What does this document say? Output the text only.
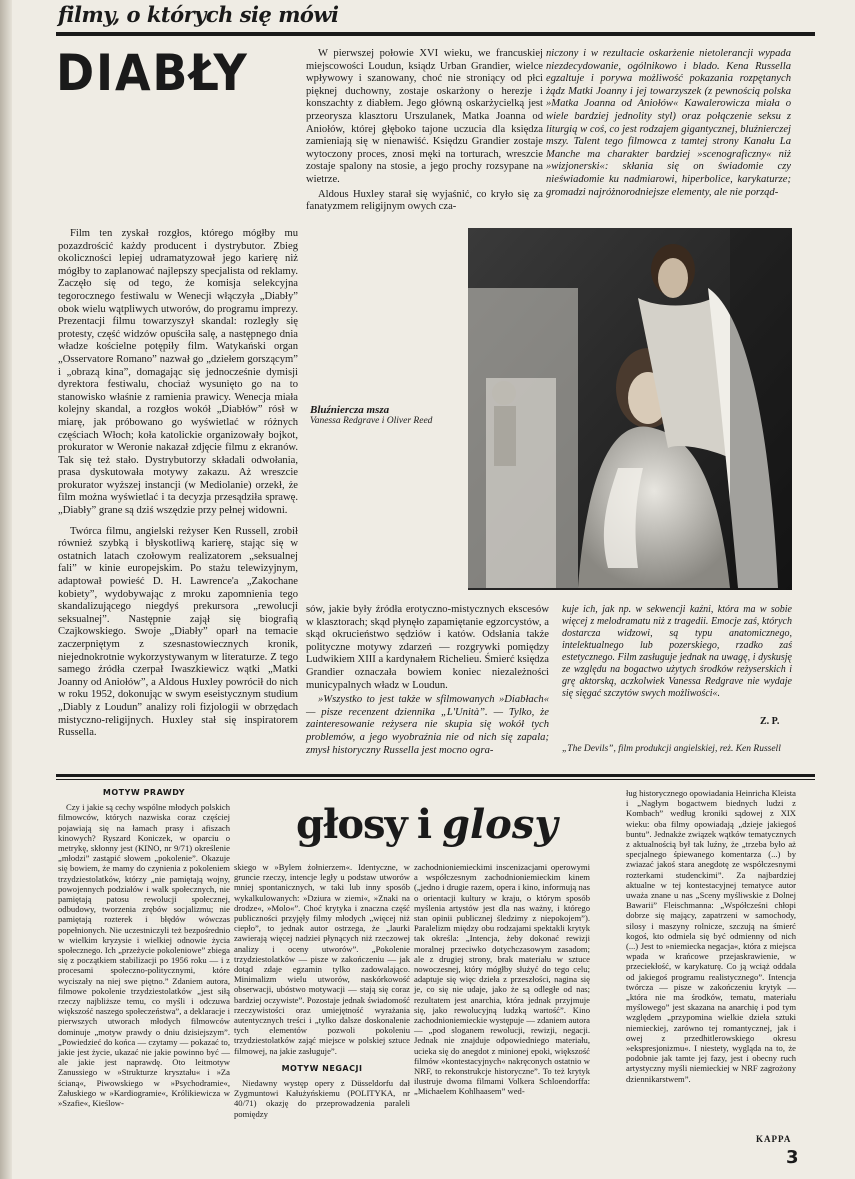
filmy, o których się mówi
DIABŁY	W pierwszej połowie XVI wieku, we francuskiej miejscowości Loudun, ksiądz Urban Grandier, wielce wpływowy i szanowany, choć nie stroniący od płci pięknej duchowny, zostaje oskarżony o herezje i konszachty z diabłem. Jego główną oskarżycielką jest przeorysza klasztoru Urszulanek, Matka Joanna od Aniołów, której głęboko tajone uczucia dla księdza zamieniają się w nienawiść. Księdzu Grandier zostaje wytoczony proces, znosi męki na torturach, wreszcie zostaje spalony na stosie, a jego prochy rozsypane na wietrze.

Aldous Huxley starał się wyjaśnić, co kryło się za fanatyzmem religijnym owych cza-

niczony i w rezultacie oskarżenie nietolerancji wypada niezdecydowanie, ogólnikowo i blado. Kena Russella egzaltuje i porywa możliwość pokazania rozpętanych żądz Matki Joanny i jej towarzyszek (z pewnością polska »Matka Joanna od Aniołów« Kawalerowicza miała o wiele bardziej jednolity styl) oraz połączenie seksu z liturgią w coś, co jest rodzajem gigantycznej, bluźnierczej mszy. Talent tego filmowca z tamtej strony Kanału La Manche ma charakter bardziej »scenograficzny« niż »wizjonerski«: skłania się on świadomie czy nieświadomie ku nadmiarowi, hiperbolice, karykaturze; gromadzi najróżnorodniejsze elementy, ale nie porząd-

Film ten zyskał rozgłos, którego mógłby mu pozazdrościć każdy producent i dystrybutor. Zbieg okoliczności lepiej udramatyzował jego karierę niż mógłby to zaplanować najlepszy specjalista od reklamy. Zaczęło się od tego, że komisja selekcyjna tegorocznego festiwalu w Wenecji włączyła „Diabły” obok wielu wątpliwych utworów, do programu imprezy. Prezentacji filmu towarzyszył skandal: rozległy się protesty, część widzów opuściła salę, a następnego dnia władze kościelne potępiły film. Watykański organ „Osservatore Romano” nazwał go „dziełem gorszącym” i „obrazą kina”, domagając się jednocześnie dymisji dyrektora festiwalu, chociaż wysunięto go na to stanowisko właśnie z ramienia prawicy. Wenecja miała kolejny skandal, a rozgłos wokół „Diabłów” rósł w miarę, jak próbowano go wyświetlać w różnych częściach Włoch; koła katolickie organizowały bojkot, prokurator w Weronie nakazał zdjęcie filmu z ekranów. Tak się też stało. Dystrybutorzy składali odwołania, prasa dyskutowała motywy zakazu. Aż wreszcie prokurator wyższej instancji (w Mediolanie) orzekł, że film można wyświetlać i ta decyzja przesądziła sprawę. „Diabły” grane są dziś wszędzie przy pełnej widowni.

Twórca filmu, angielski reżyser Ken Russell, zrobił również szybką i błyskotliwą karierę, stając się w ostatnich latach czołowym realizatorem „seksualnej fali” w kinie europejskim. Po stażu telewizyjnym, adaptował powieść D. H. Lawrence'a „Zakochane kobiety”, wydobywając z mroku zapomnienia tego skandalizującego niegdyś prekursora „rewolucji seksualnej”. Następnie zajął się biografią Czajkowskiego. Swoje „Diabły” oparł na temacie zaczerpniętym z szesnastowiecznych kronik, niejednokrotnie wykorzystywanym w literaturze. Z tego samego źródła czerpał Iwaszkiewicz wątki „Matki Joanny od Aniołów”, a Aldous Huxley powrócił do nich w roku 1952, dokonując w swym eseistycznym studium „Diably z Loudun” analizy roli fizjologii w obrzędach mistyczno-religijnych. Huxley stał się inspiratorem Russella.

Bluźniercza msza
Vanessa Redgrave i Oliver Reed

sów, jakie były źródła erotyczno-mistycznych ekscesów w klasztorach; skąd płynęło zapamiętanie egzorcystów, a skąd okrucieństwo sędziów i katów. Odsłania także polityczne motywy zdarzeń — rozgrywki pomiędzy Ludwikiem XIII a kardynałem Richelieu. Śmierć księdza Grandier oznaczała bowiem koniec niezależności municypalnych władz w Loudun.

»Wszystko to jest także w sfilmowanych »Diabłach« — pisze recenzent dziennika „L'Unità”. — Tylko, że zainteresowanie reżysera nie skupia się wokół tych problemów, a jego wyobraźnia nie od nich się zapala; zmysł historyczny Russella jest mocno ogra-

kuje ich, jak np. w sekwencji kaźni, która ma w sobie więcej z melodramatu niż z tragedii. Emocje zaś, których dostarcza widzowi, są typu anatomicznego, intelektualnego lub pozerskiego, rzadko zaś estetycznego. Film zasługuje jednak na uwagę, i dyskusję ze względu na bogactwo użytych środków reżyserskich i grę aktorską, aczkolwiek Vanessa Redgrave nie wydaje się sięgać szczytów swych możliwości«.

Z. P.
„The Devils”, film produkcji angielskiej, reż. Ken Russell
głosy i glosy
MOTYW PRAWDY

Czy i jakie są cechy wspólne młodych polskich filmowców, których nazwiska coraz częściej pojawiają się na łamach prasy i afiszach kinowych? Ryszard Koniczek, w oparciu o metrykę, skłonny jest (KINO, nr 9/71) określenie „młodzi” zastąpić słowem „pokolenie”. Okazuje się bowiem, że mamy do czynienia z pokoleniem trzydziestolatków, którzy „nie pamiętają wojny, powojennych podziałów i walk społecznych, nie pamiętają patosu rewolucji społecznej, odbudowy, tworzenia zrębów socjalizmu; nie pamiętają rozterek i błędów wówczas popełnionych. Nie uczestniczyli też bezpośrednio w wielkim kryzysie i wielkiej odnowie życia społecznego. Ich „przeżycie pokoleniowe” zbiega się z początkiem stabilizacji po 1956 roku — i z procesami społeczno-politycznymi, które wyciszały na niej swe piętno.” Zdaniem autora, filmowe pokolenie trzydziestolatków „jest siłą rzeczy najbliższe temu, co myśli i odczuwa większość naszego społeczeństwa”, a deklaracje i pierwszych utworach młodych filmowców dominuje „motyw prawdy o dniu dzisiejszym”. „Powiedzieć do końca — czytamy — pokazać to, jakie jest życie, ukazać nie jakie powinno być — ale jakie jest naprawdę. Oto leitmotyw Zanussiego w »Strukturze kryształu« i »Za ścianą«, Piwowskiego w »Psychodramie«, Załuskiego w »Kardiogramie«, Królikiewicza w »Szafie«, Kieślow-

skiego w »Bylem żołnierzem«. Identyczne, w gruncie rzeczy, intencje legły u podstaw utworów mniej spontanicznych, w taki lub inny sposób wykalkulowanych: »Dziura w ziemi«, »Znaki na drodze«, »Molo«”. Choć krytyka i znaczna część publiczności przyjęły filmy młodych „więcej niż ciepło”, to jednak autor ostrzega, że „laurki zawierają więcej nadziei płynących niż rzeczowej analizy i oceny utworów”. „Pokolenie trzydziestolatków — pisze w zakończeniu — jak dotąd zdaje egzamin tylko zadowalająco. Minimalizm wielu utworów, naskórkowość obserwacji, ubóstwo motywacji — stają się coraz bardziej oczywiste”. Pozostaje jednak świadomość rzeczywistości oraz umiejętność wyrażania autentycznych treści i „tylko dalsze doskonalenie tych elementów pozwoli pokoleniu trzydziestolatków zająć miejsce w polskiej sztuce filmowej, na jakie zasługuje”.

MOTYW NEGACJI

Niedawny występ opery z Düsseldorfu dał Zygmuntowi Kałużyńskiemu (POLITYKA, nr 40/71) okazję do przeprowadzenia paraleli pomiędzy

zachodnioniemieckimi inscenizacjami operowymi a współczesnym zachodnioniemieckim kinem („jedno i drugie razem, opera i kino, informują nas o orientacji kultury w kraju, o którym sposób myślenia artystów jest dla nas ważny, i którego stan opinii publicznej śledzimy z niepokojem”). Paralelizm między obu rodzajami spektakli krytyk tak określa: „Intencja, żeby dokonać rewizji moralnej przeciwko dotychczasowym zasadom; ale z drugiej strony, brak materiału w sztuce nowoczesnej, który mógłby służyć do tego celu; adaptuje się więc dzieła z przeszłości, nagina się je, co się nie udaje, jako że są odległe od nas; rezultatem jest anarchia, która jednak przyjmuje się, jako rewolucyjną ludzką wartość”. Kino zachodnioniemieckie występuje — zdaniem autora — „pod sloganem rewolucji, rewizji, negacji. Jednak nie znajduje odpowiedniego materiału, ucieka się do anegdot z minionej epoki, większość filmów »kontestacyjnych« nakręconych ostatnio w NRF, to rekonstrukcje historyczne”. To też krytyk ilustruje dwoma filmami Volkera Schloendorffa: „Michaelem Kohlhaasem” wed-

ług historycznego opowiadania Heinricha Kleista i „Nagłym bogactwem biednych ludzi z Kombach” według kroniki sądowej z XIX wieku: oba filmy opowiadają „dzieje jakiegoś buntu”. Jednakże związek wątków tematycznych z aktualnością był tak luźny, że „trzeba było aż specjalnego śpiewanego komentarza (...) by zwiazać jakoś stara anegdotę ze współczesnymi rozterkami studenckimi”. Za najbardziej aktualne w tej kontestacyjnej tematyce autor uważa znane u nas „Sceny myśliwskie z Dolnej Bawarii” Fleischmanna: „Współcześni chłopi dobrze się mający, zapatrzeni w samochody, silosy i maszyny rolnicze, szczują na śmierć kogoś, kto odmiela się być odmienny od nich (...) Jest to »niemiecka negacja«, która z miejsca wpada w krańcowe przejaskrawienie, w przeciekłość, w karykaturę. Co ją wciąż oddala od jakiegoś programu realistycznego”. Intencja twórcza — pisze w zakończeniu krytyk — „która nie ma środków, tematu, materiału myślowego” jest skazana na anarchię i pod tym względem „przypomina wielkie dzieła sztuki niemieckiej, zarówno tej romantycznej, jak i owej z przedhitlerowskiego okresu »ekspresjonizmu«. I niestety, wygląda na to, że podobnie jak tamte jej fazy, jest i obecny ruch artystyczny myśli niemieckiej w NRF zagrożony dziennikarstwem”.

KAPPA
3
